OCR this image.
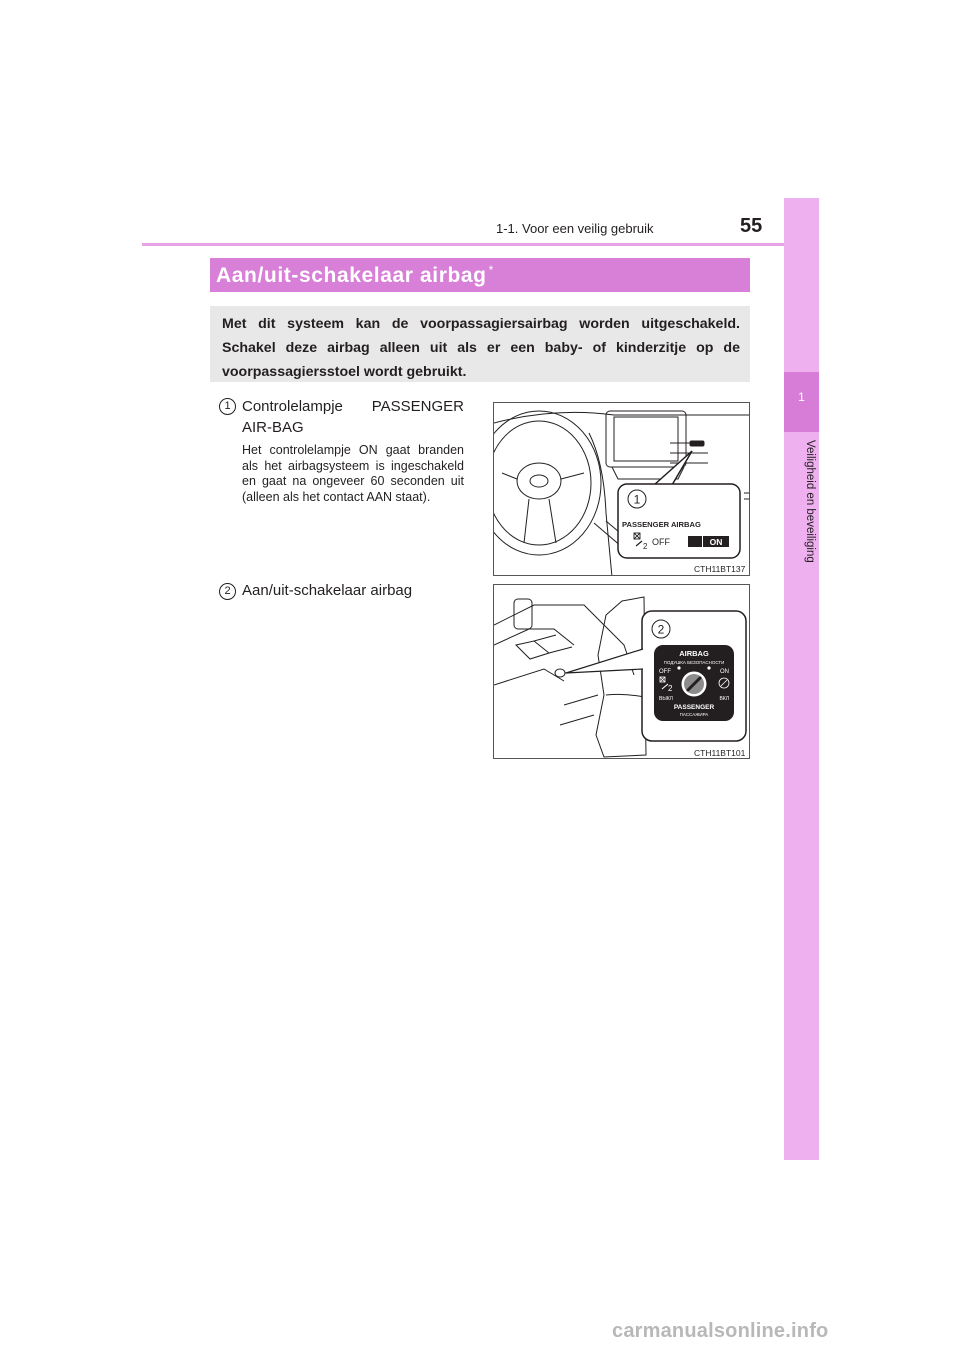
1-1. Voor een veilig gebruik	55
1
Veiligheid en beveiliging
Aan/uit-schakelaar airbag *
Met dit systeem kan de voorpassagiersairbag worden uitgeschakeld. Schakel deze airbag alleen uit als er een baby- of kinderzitje op de voorpassagiersstoel wordt gebruikt.
1 Controlelampje PASSENGER AIR-BAG
Het controlelampje ON gaat branden als het airbagsysteem is ingeschakeld en gaat na ongeveer 60 seconden uit (alleen als het contact AAN staat).	1
PASSENGER AIRBAG
2 OFF	ON
CTH11BT137
2 Aan/uit-schakelaar airbag
2
AIRBAG
ПОДУШКА БЕЗОПАСНОСТИ
OFF	ON
2
ВЫКЛ	ВКЛ
PASSENGER
ПАССАЖИРА
CTH11BT101
carmanualsonline.info
